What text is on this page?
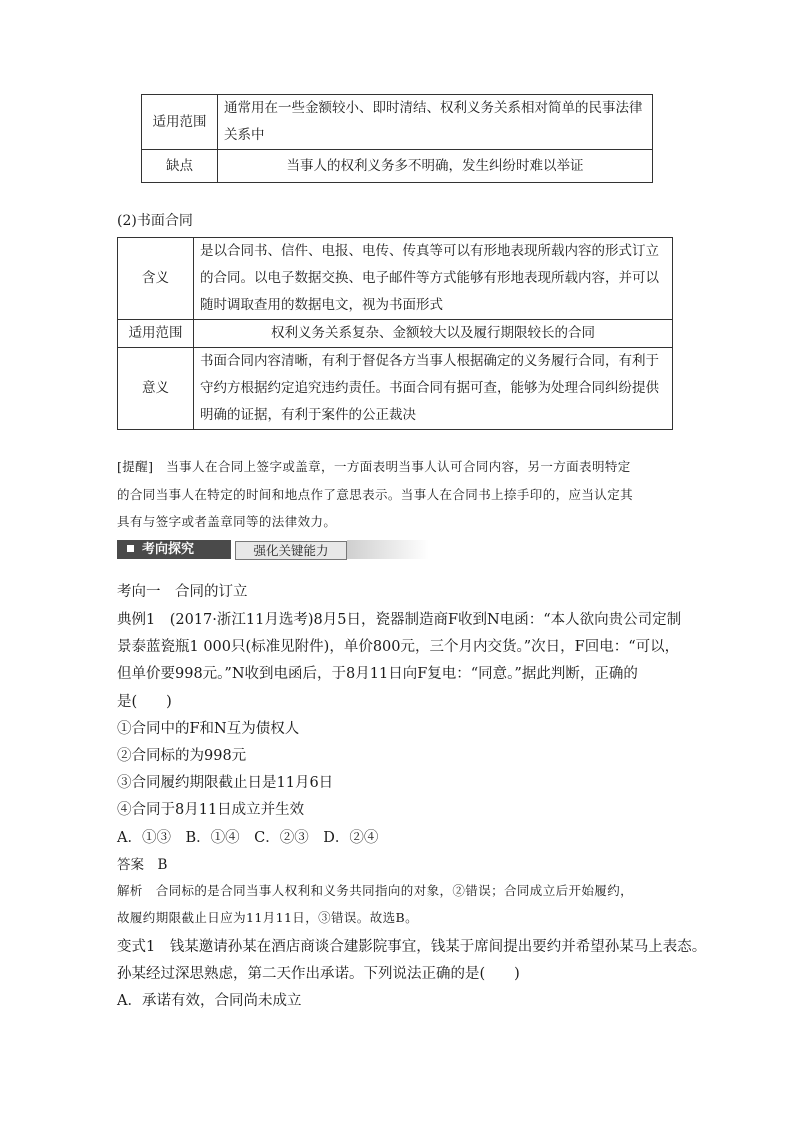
适用范围	通常用在一些金额较小、即时清结、权利义务关系相对简单的民事法律关系中
缺点	当事人的权利义务多不明确，发生纠纷时难以举证
(2)书面合同
含义	是以合同书、信件、电报、电传、传真等可以有形地表现所载内容的形式订立的合同。以电子数据交换、电子邮件等方式能够有形地表现所载内容，并可以随时调取查用的数据电文，视为书面形式
适用范围	权利义务关系复杂、金额较大以及履行期限较长的合同
意义	书面合同内容清晰，有利于督促各方当事人根据确定的义务履行合同，有利于守约方根据约定追究违约责任。书面合同有据可查，能够为处理合同纠纷提供明确的证据，有利于案件的公正裁决
[提醒]　当事人在合同上签字或盖章，一方面表明当事人认可合同内容，另一方面表明特定
的合同当事人在特定的时间和地点作了意思表示。当事人在合同书上捺手印的，应当认定其
具有与签字或者盖章同等的法律效力。
考向探究	强化关键能力
考向一　合同的订立
典例1　(2017·浙江11月选考)8月5日，瓷器制造商F收到N电函：“本人欲向贵公司定制
景泰蓝瓷瓶1 000只(标准见附件)，单价800元，三个月内交货。”次日，F回电：“可以，
但单价要998元。”N收到电函后，于8月11日向F复电：“同意。”据此判断，正确的
是(　　)
①合同中的F和N互为债权人
②合同标的为998元
③合同履约期限截止日是11月6日
④合同于8月11日成立并生效
A．①③　B．①④　C．②③　D．②④
答案　B
解析　合同标的是合同当事人权利和义务共同指向的对象，②错误；合同成立后开始履约，
故履约期限截止日应为11月11日，③错误。故选B。
变式1　钱某邀请孙某在酒店商谈合建影院事宜，钱某于席间提出要约并希望孙某马上表态。
孙某经过深思熟虑，第二天作出承诺。下列说法正确的是(　　)
A．承诺有效，合同尚未成立
